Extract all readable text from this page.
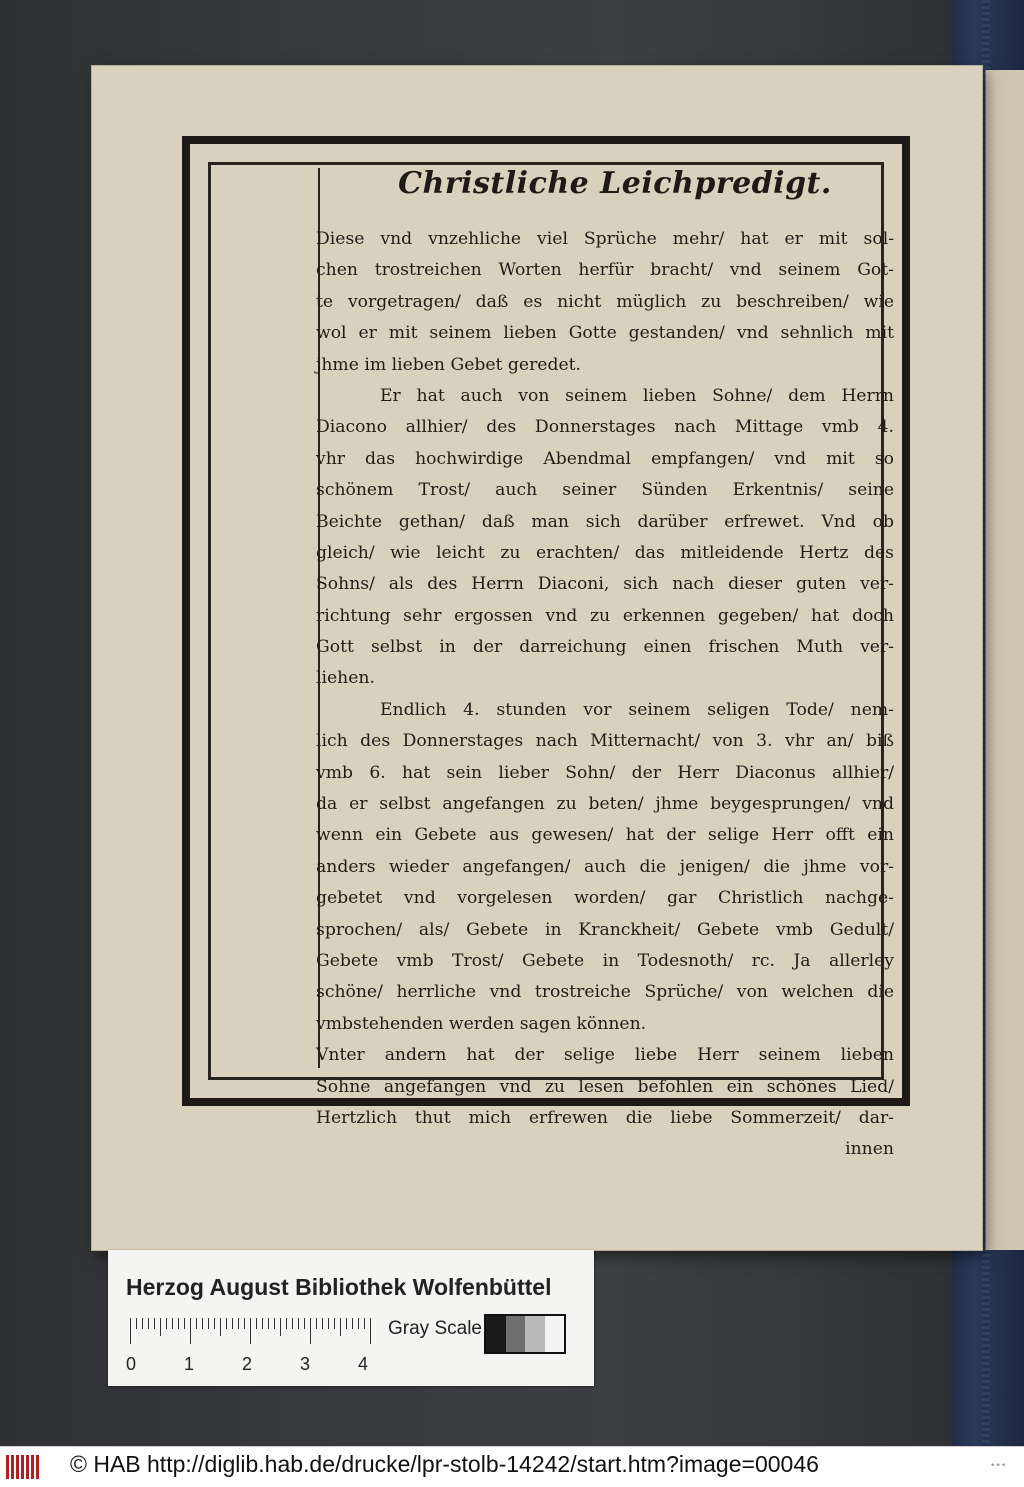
Christliche Leichpredigt.
Diese vnd vnzehliche viel Sprüche mehr/ hat er mit sol-
chen trostreichen Worten herfür bracht/ vnd seinem Got-
te vorgetragen/ daß es nicht müglich zu beschreiben/ wie
wol er mit seinem lieben Gotte gestanden/ vnd sehnlich mit
jhme im lieben Gebet geredet.
Er hat auch von seinem lieben Sohne/ dem Herrn
Diacono allhier/ des Donnerstages nach Mittage vmb 4.
vhr das hochwirdige Abendmal empfangen/ vnd mit so
schönem Trost/ auch seiner Sünden Erkentnis/ seine
Beichte gethan/ daß man sich darüber erfrewet. Vnd ob
gleich/ wie leicht zu erachten/ das mitleidende Hertz des
Sohns/ als des Herrn Diaconi, sich nach dieser guten ver-
richtung sehr ergossen vnd zu erkennen gegeben/ hat doch
Gott selbst in der darreichung einen frischen Muth ver-
liehen.
Endlich 4. stunden vor seinem seligen Tode/ nem-
lich des Donnerstages nach Mitternacht/ von 3. vhr an/ biß
vmb 6. hat sein lieber Sohn/ der Herr Diaconus allhier/
da er selbst angefangen zu beten/ jhme beygesprungen/ vnd
wenn ein Gebete aus gewesen/ hat der selige Herr offt ein
anders wieder angefangen/ auch die jenigen/ die jhme vor-
gebetet vnd vorgelesen worden/ gar Christlich nachge-
sprochen/ als/ Gebete in Kranckheit/ Gebete vmb Gedult/
Gebete vmb Trost/ Gebete in Todesnoth/ rc. Ja allerley
schöne/ herrliche vnd trostreiche Sprüche/ von welchen die
vmbstehenden werden sagen können.
Vnter andern hat der selige liebe Herr seinem lieben
Sohne angefangen vnd zu lesen befohlen ein schönes Lied/
Hertzlich thut mich erfrewen die liebe Sommerzeit/ dar-
innen
Herzog August Bibliothek Wolfenbüttel
0	1	2	3	4
Gray Scale
© HAB http://diglib.hab.de/drucke/lpr-stolb-14242/start.htm?image=00046	•••
